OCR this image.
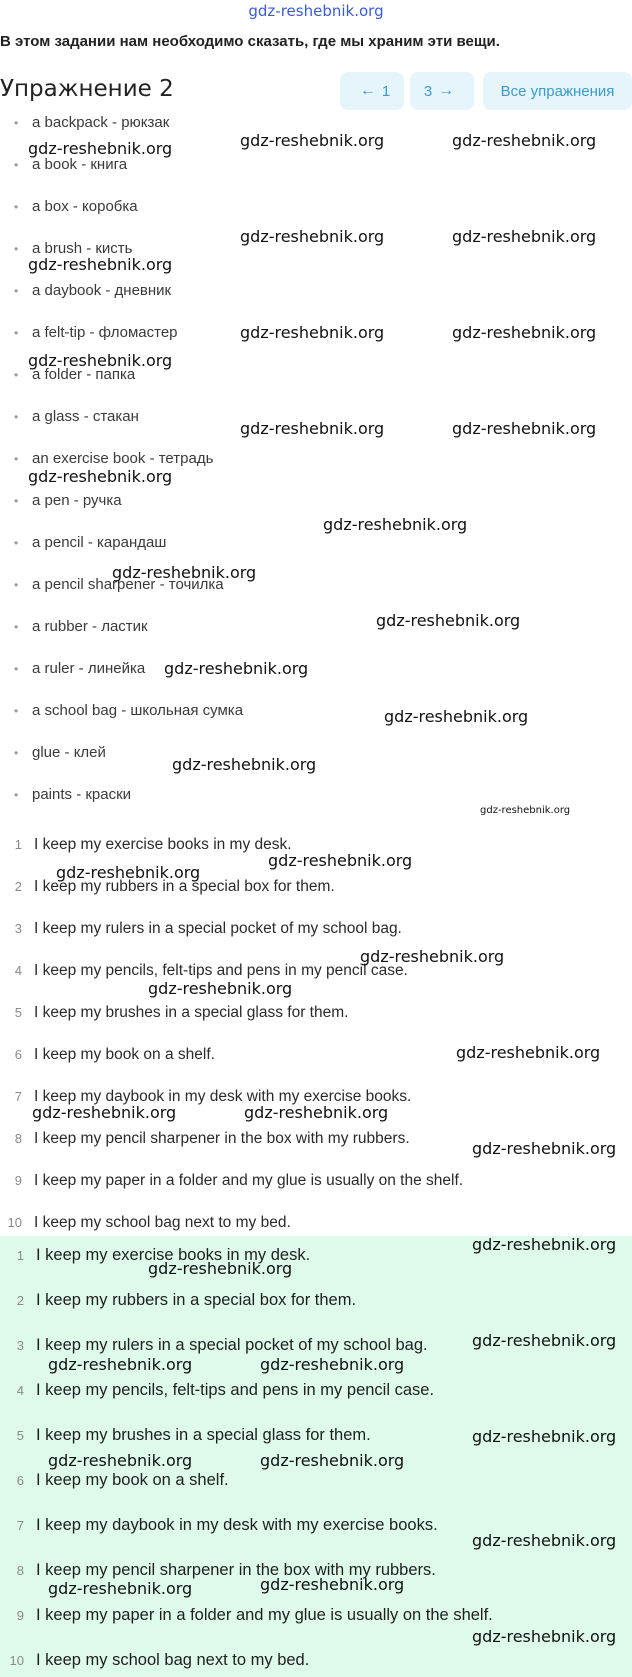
gdz-reshebnik.org
В этом задании нам необходимо сказать, где мы храним эти вещи.
Упражнение 2	← 1 3 →	Все упражнения
• a backpack - рюкзак
• a book - книга
• a box - коробка
• a brush - кисть
• a daybook - дневник
• a felt-tip - фломастер
• a folder - папка
• a glass - стакан
• an exercise book - тетрадь
• a pen - ручка
• a pencil - карандаш
• a pencil sharpener - точилка
• a rubber - ластик
• a ruler - линейка
• a school bag - школьная сумка
• glue - клей
• paints - краски
1 I keep my exercise books in my desk.
2 I keep my rubbers in a special box for them.
3 I keep my rulers in a special pocket of my school bag.
4 I keep my pencils, felt-tips and pens in my pencil case.
5 I keep my brushes in a special glass for them.
6 I keep my book on a shelf.
7 I keep my daybook in my desk with my exercise books.
8 I keep my pencil sharpener in the box with my rubbers.
9 I keep my paper in a folder and my glue is usually on the shelf.
10 I keep my school bag next to my bed.
1 I keep my exercise books in my desk.
2 I keep my rubbers in a special box for them.
3 I keep my rulers in a special pocket of my school bag.
4 I keep my pencils, felt-tips and pens in my pencil case.
5 I keep my brushes in a special glass for them.
6 I keep my book on a shelf.
7 I keep my daybook in my desk with my exercise books.
8 I keep my pencil sharpener in the box with my rubbers.
9 I keep my paper in a folder and my glue is usually on the shelf.
10 I keep my school bag next to my bed.
gdz-reshebnik.org	gdz-reshebnik.org	gdz-reshebnik.org
gdz-reshebnik.org	gdz-reshebnik.org
gdz-reshebnik.org
gdz-reshebnik.org	gdz-reshebnik.org
gdz-reshebnik.org
gdz-reshebnik.org	gdz-reshebnik.org
gdz-reshebnik.org
gdz-reshebnik.org
gdz-reshebnik.org
gdz-reshebnik.org
gdz-reshebnik.org
gdz-reshebnik.org
gdz-reshebnik.org
gdz-reshebnik.org
gdz-reshebnik.org
gdz-reshebnik.org
gdz-reshebnik.org
gdz-reshebnik.org
gdz-reshebnik.org
gdz-reshebnik.org	gdz-reshebnik.org
gdz-reshebnik.org
gdz-reshebnik.org
gdz-reshebnik.org
gdz-reshebnik.org
gdz-reshebnik.org	gdz-reshebnik.org
gdz-reshebnik.org
gdz-reshebnik.org	gdz-reshebnik.org
gdz-reshebnik.org
gdz-reshebnik.org	gdz-reshebnik.org
gdz-reshebnik.org
